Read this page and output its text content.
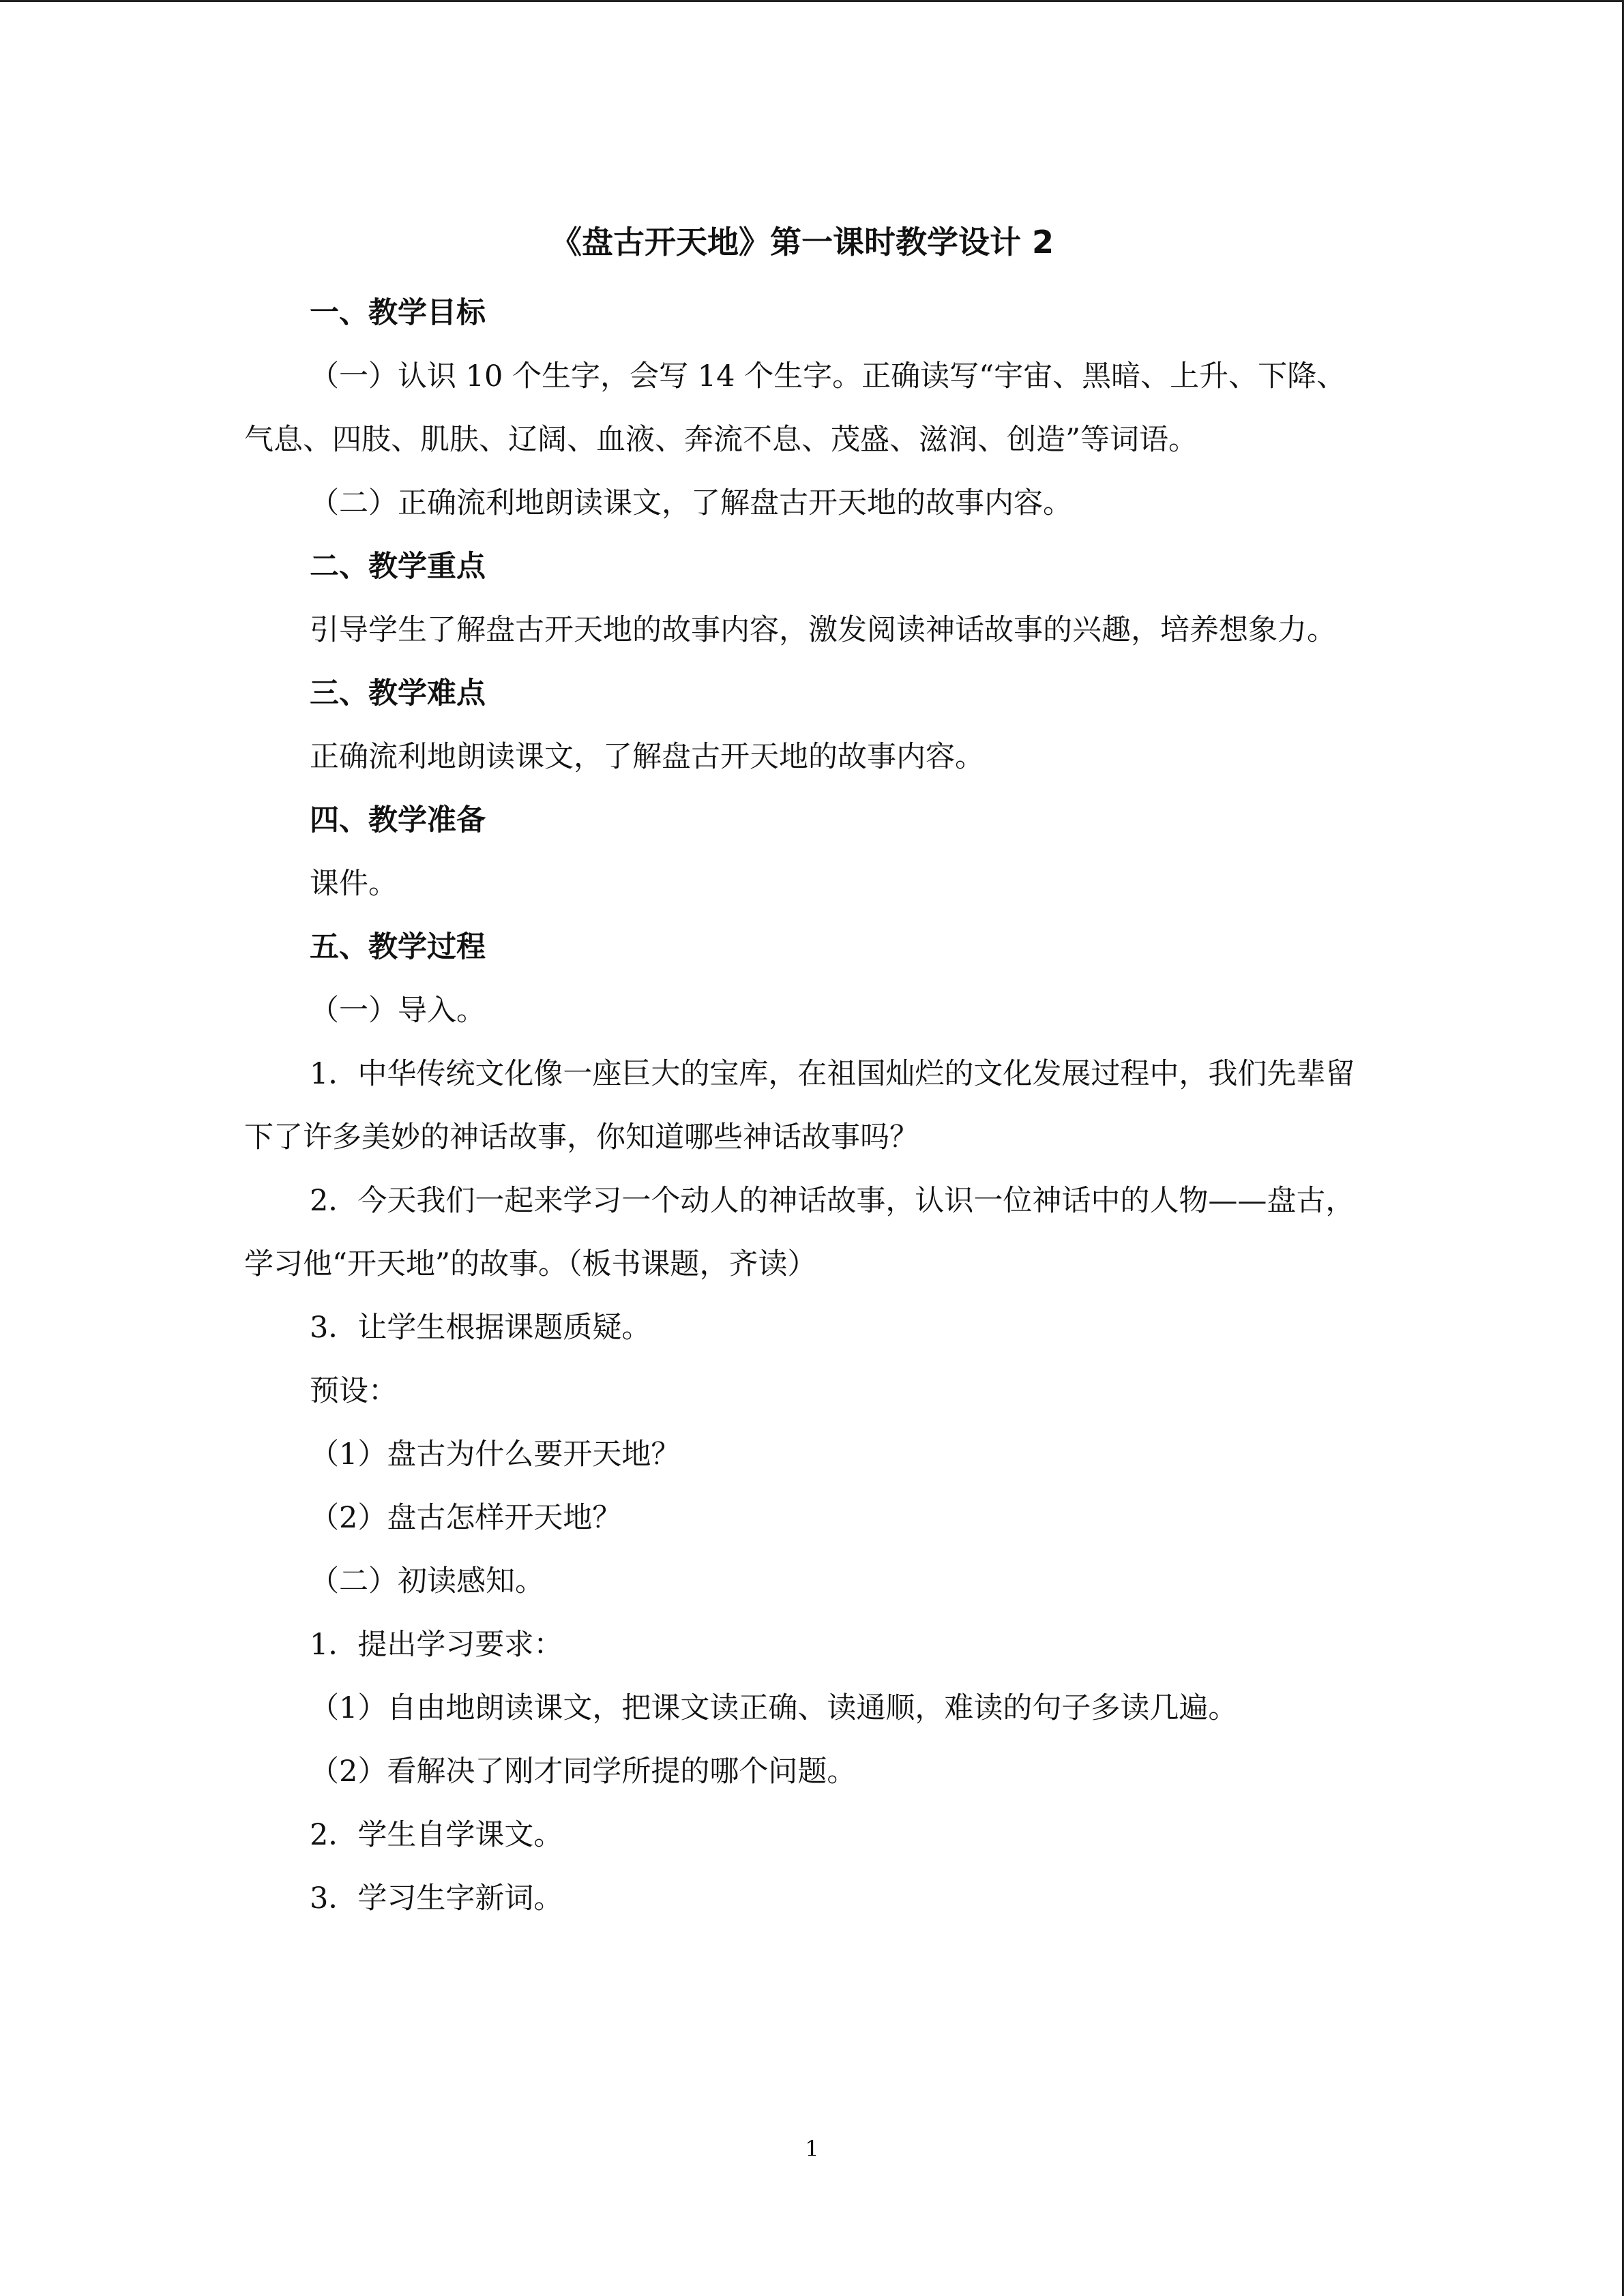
《盘古开天地》第一课时教学设计 2

一、教学目标

（一）认识 10 个生字，会写 14 个生字。正确读写“宇宙、黑暗、上升、下降、气息、四肢、肌肤、辽阔、血液、奔流不息、茂盛、滋润、创造”等词语。

（二）正确流利地朗读课文，了解盘古开天地的故事内容。

二、教学重点

引导学生了解盘古开天地的故事内容，激发阅读神话故事的兴趣，培养想象力。

三、教学难点

正确流利地朗读课文，了解盘古开天地的故事内容。

四、教学准备

课件。

五、教学过程

（一）导入。

1．中华传统文化像一座巨大的宝库，在祖国灿烂的文化发展过程中，我们先辈留下了许多美妙的神话故事，你知道哪些神话故事吗？

2．今天我们一起来学习一个动人的神话故事，认识一位神话中的人物——盘古，学习他“开天地”的故事。（板书课题，齐读）

3．让学生根据课题质疑。

预设：

（1）盘古为什么要开天地？

（2）盘古怎样开天地？

（二）初读感知。

1．提出学习要求：

（1）自由地朗读课文，把课文读正确、读通顺，难读的句子多读几遍。

（2）看解决了刚才同学所提的哪个问题。

2．学生自学课文。

3．学习生字新词。

1
